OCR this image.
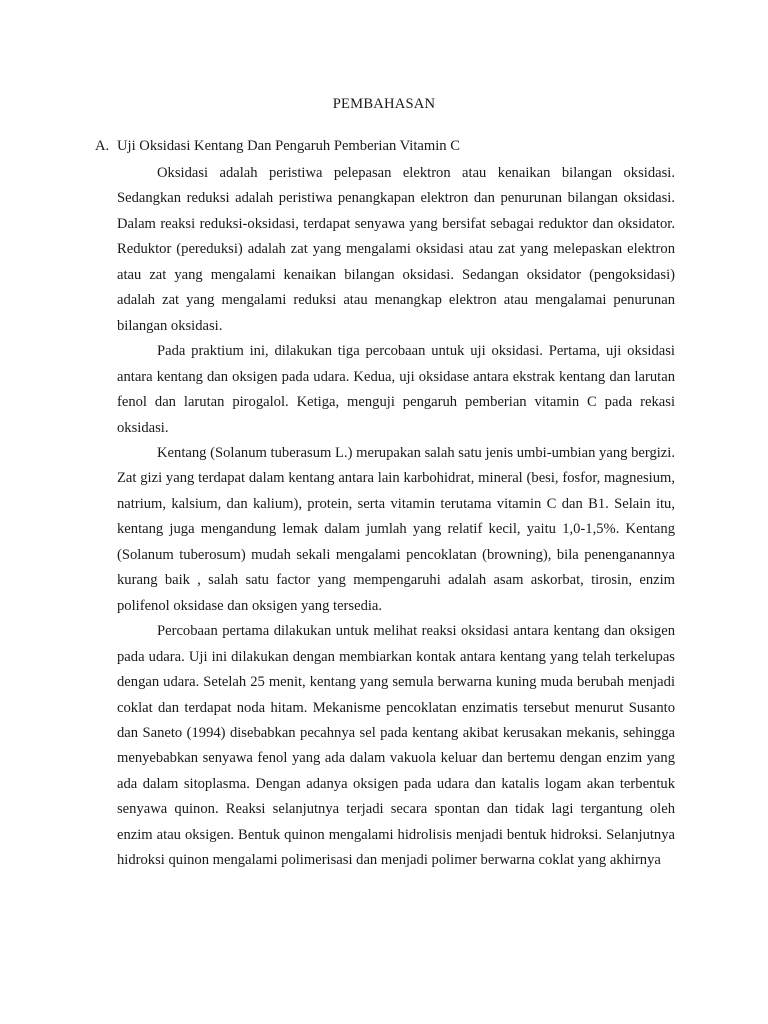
PEMBAHASAN
A. Uji Oksidasi Kentang Dan Pengaruh Pemberian Vitamin C

Oksidasi adalah peristiwa pelepasan elektron atau kenaikan bilangan oksidasi. Sedangkan reduksi adalah peristiwa penangkapan elektron dan penurunan bilangan oksidasi. Dalam reaksi reduksi-oksidasi, terdapat senyawa yang bersifat sebagai reduktor dan oksidator. Reduktor (pereduksi) adalah zat yang mengalami oksidasi atau zat yang melepaskan elektron atau zat yang mengalami kenaikan bilangan oksidasi. Sedangan oksidator (pengoksidasi) adalah zat yang mengalami reduksi atau menangkap elektron atau mengalamai penurunan bilangan oksidasi.

Pada praktium ini, dilakukan tiga percobaan untuk uji oksidasi. Pertama, uji oksidasi antara kentang dan oksigen pada udara. Kedua, uji oksidase antara ekstrak kentang dan larutan fenol dan larutan pirogalol. Ketiga, menguji pengaruh pemberian vitamin C pada rekasi oksidasi.

Kentang (Solanum tuberasum L.) merupakan salah satu jenis umbi-umbian yang bergizi. Zat gizi yang terdapat dalam kentang antara lain karbohidrat, mineral (besi, fosfor, magnesium, natrium, kalsium, dan kalium), protein, serta vitamin terutama vitamin C dan B1. Selain itu, kentang juga mengandung lemak dalam jumlah yang relatif kecil, yaitu 1,0-1,5%. Kentang (Solanum tuberosum) mudah sekali mengalami pencoklatan (browning), bila penenganannya kurang baik , salah satu factor yang mempengaruhi adalah asam askorbat, tirosin, enzim polifenol oksidase dan oksigen yang tersedia.

Percobaan pertama dilakukan untuk melihat reaksi oksidasi antara kentang dan oksigen pada udara. Uji ini dilakukan dengan membiarkan kontak antara kentang yang telah terkelupas dengan udara. Setelah 25 menit, kentang yang semula berwarna kuning muda berubah menjadi coklat dan terdapat noda hitam. Mekanisme pencoklatan enzimatis tersebut menurut Susanto dan Saneto (1994) disebabkan pecahnya sel pada kentang akibat kerusakan mekanis, sehingga menyebabkan senyawa fenol yang ada dalam vakuola keluar dan bertemu dengan enzim yang ada dalam sitoplasma. Dengan adanya oksigen pada udara dan katalis logam akan terbentuk senyawa quinon. Reaksi selanjutnya terjadi secara spontan dan tidak lagi tergantung oleh enzim atau oksigen. Bentuk quinon mengalami hidrolisis menjadi bentuk hidroksi. Selanjutnya hidroksi quinon mengalami polimerisasi dan menjadi polimer berwarna coklat yang akhirnya
